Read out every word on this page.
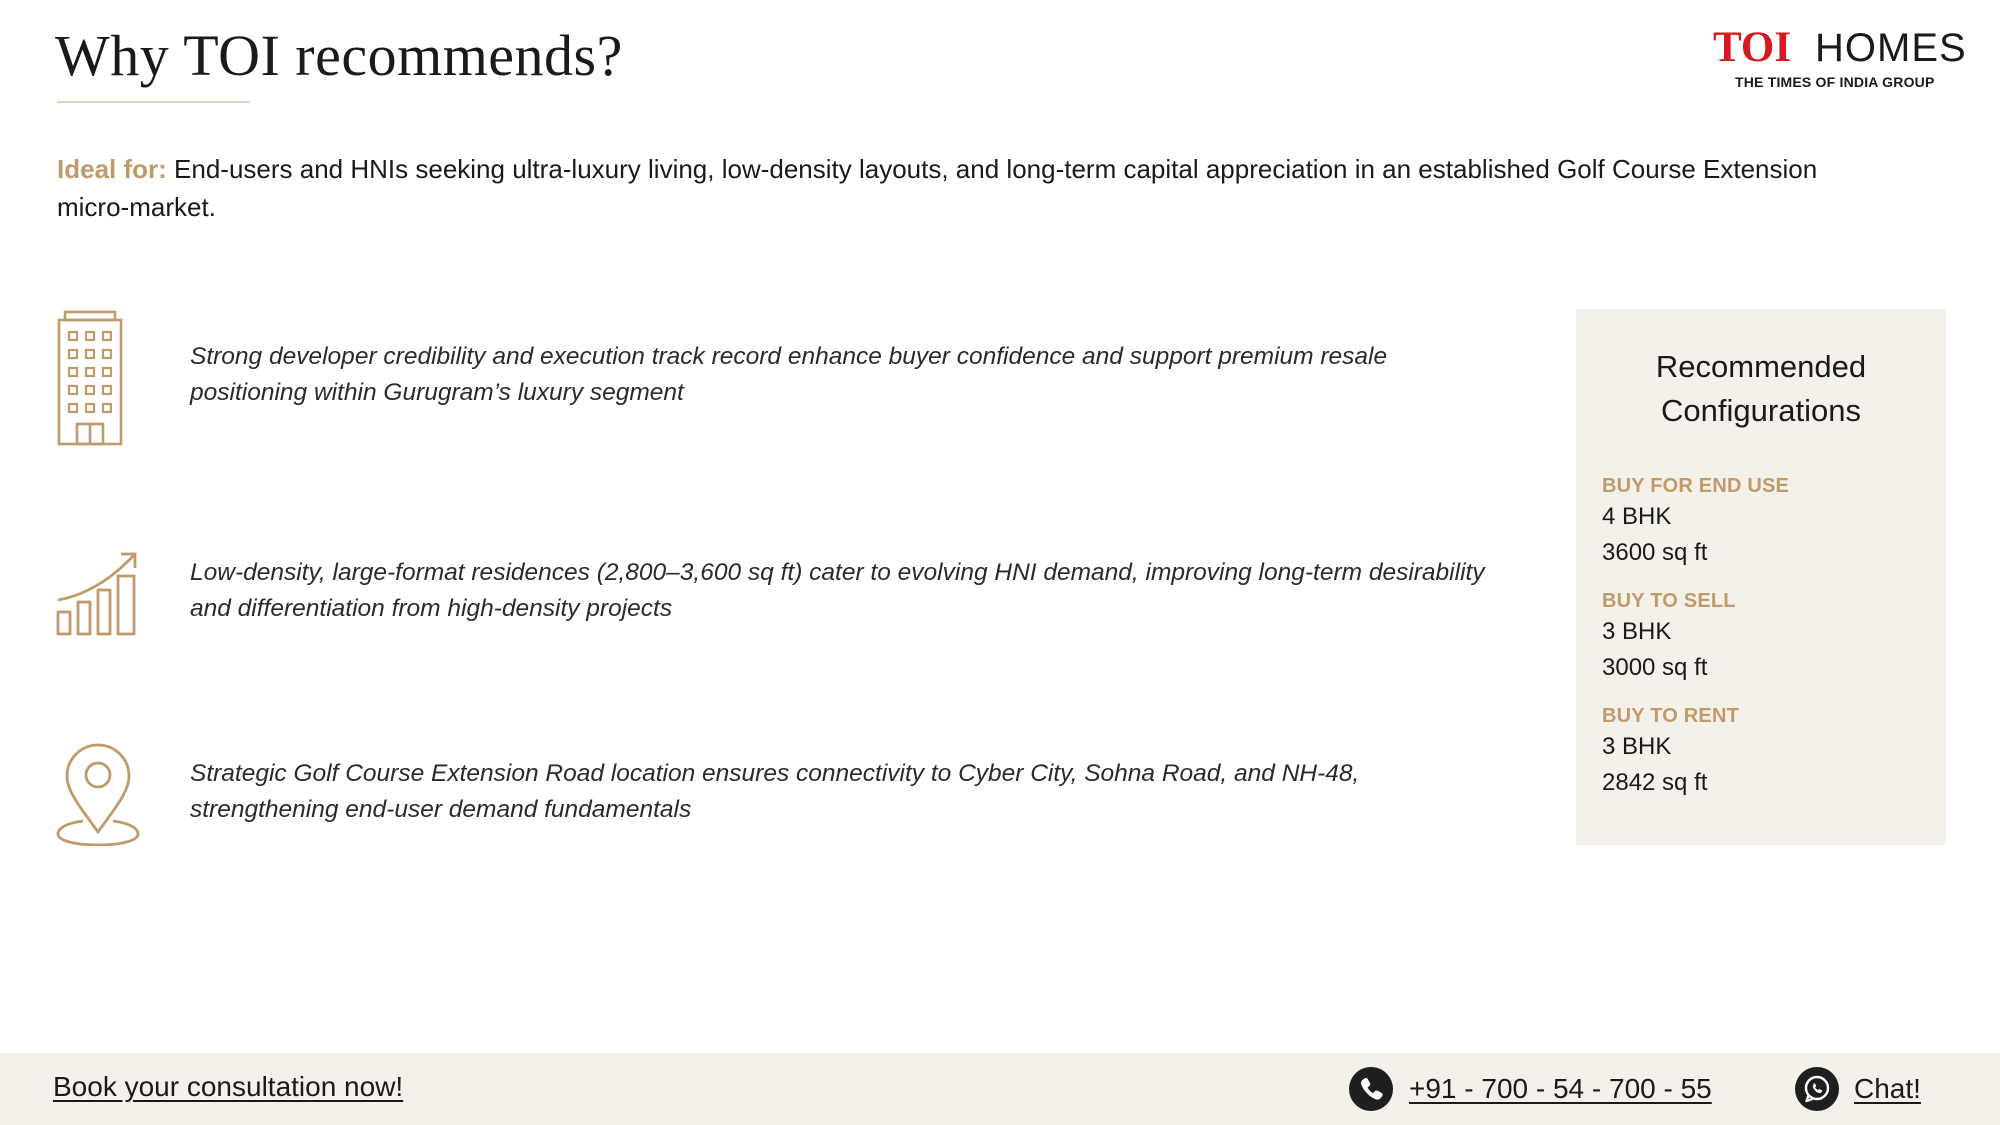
Why TOI recommends?	TOI HOMES
THE TIMES OF INDIA GROUP
Ideal for: End-users and HNIs seeking ultra-luxury living, low-density layouts, and long-term capital appreciation in an established Golf Course Extension micro-market.
Strong developer credibility and execution track record enhance buyer confidence and support premium resale positioning within Gurugram’s luxury segment
Low-density, large-format residences (2,800–3,600 sq ft) cater to evolving HNI demand, improving long-term desirability and differentiation from high-density projects
Strategic Golf Course Extension Road location ensures connectivity to Cyber City, Sohna Road, and NH-48, strengthening end-user demand fundamentals
Recommended Configurations
BUY FOR END USE
4 BHK
3600 sq ft
BUY TO SELL
3 BHK
3000 sq ft
BUY TO RENT
3 BHK
2842 sq ft
Book your consultation now!	+91 - 700 - 54 - 700 - 55	Chat!
